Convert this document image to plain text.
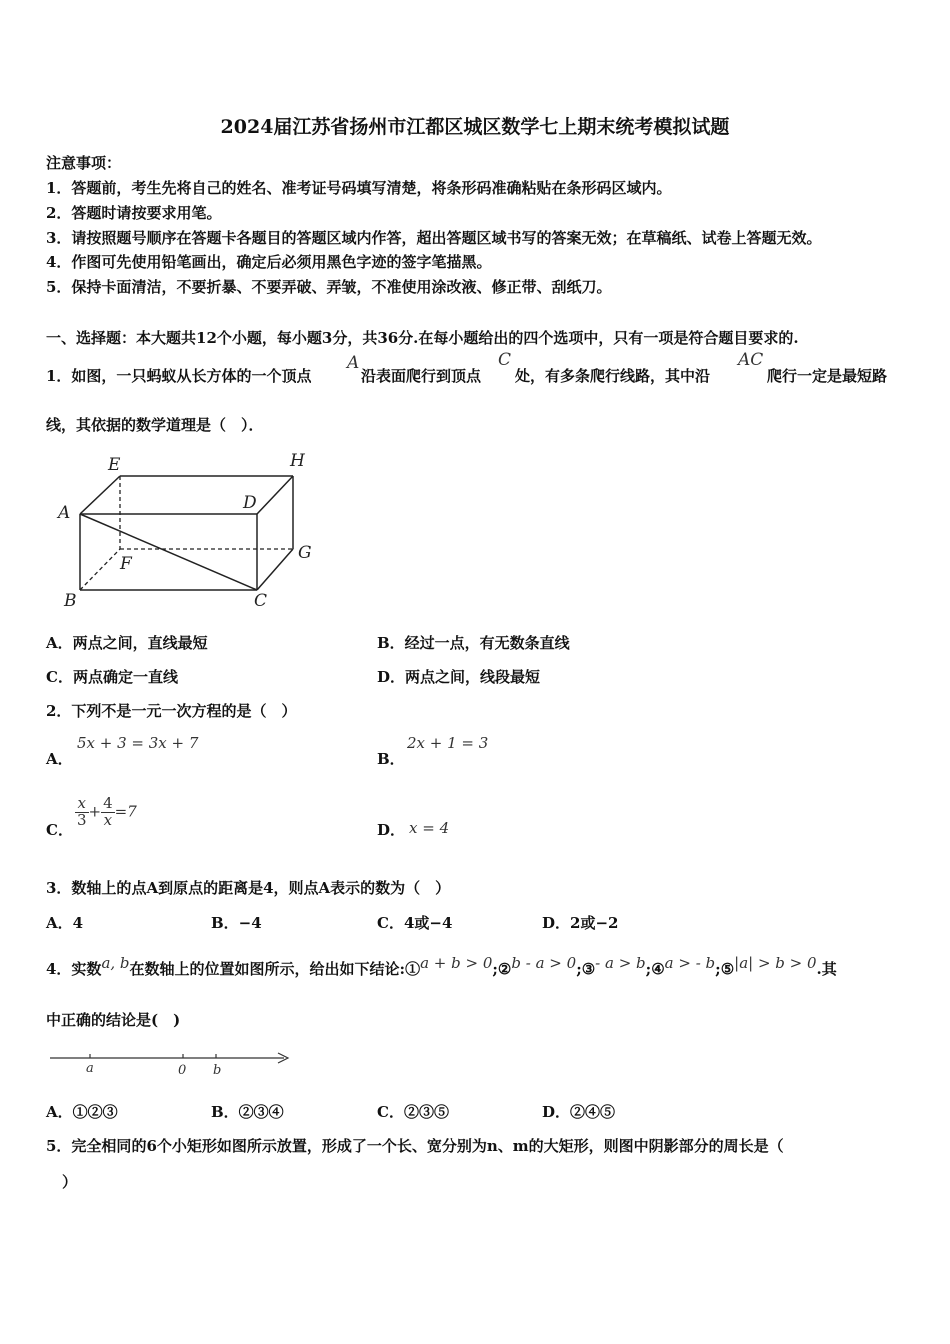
2024届江苏省扬州市江都区城区数学七上期末统考模拟试题
注意事项：
1．答题前，考生先将自己的姓名、准考证号码填写清楚，将条形码准确粘贴在条形码区域内。
2．答题时请按要求用笔。
3．请按照题号顺序在答题卡各题目的答题区域内作答，超出答题区域书写的答案无效；在草稿纸、试卷上答题无效。
4．作图可先使用铅笔画出，确定后必须用黑色字迹的签字笔描黑。
5．保持卡面清洁，不要折暴、不要弄破、弄皱，不准使用涂改液、修正带、刮纸刀。
一、选择题：本大题共12个小题，每小题3分，共36分.在每小题给出的四个选项中，只有一项是符合题目要求的.
1．如图，一只蚂蚁从长方体的一个顶点
A
沿表面爬行到顶点
C
处，有多条爬行线路，其中沿
AC
爬行一定是最短路
线，其依据的数学道理是（　）．
E	H
A	D
G
F
B	C
A．两点之间，直线最短	B．经过一点，有无数条直线
C．两点确定一直线	D．两点之间，线段最短
2．下列不是一元一次方程的是（　）
A．
5x + 3 = 3x + 7
B．
2x + 1 = 3
C．
$\frac{x}{3} + \frac{4}{x} =7$
D． x = 4
3．数轴上的点A到原点的距离是4，则点A表示的数为（　）
A．4	B．−4	C．4或−4	D．2或−2
4．实数 a, b 在数轴上的位置如图所示，给出如下结论:① a + b > 0 ;② b - a > 0 ;③ - a > b ;④ a > - b ;⑤ |a| > b > 0 .其
中正确的结论是(　)
a	0 b
A．①②③	B．②③④	C．②③⑤	D．②④⑤
5．完全相同的6个小矩形如图所示放置，形成了一个长、宽分别为n、m的大矩形，则图中阴影部分的周长是（
）
